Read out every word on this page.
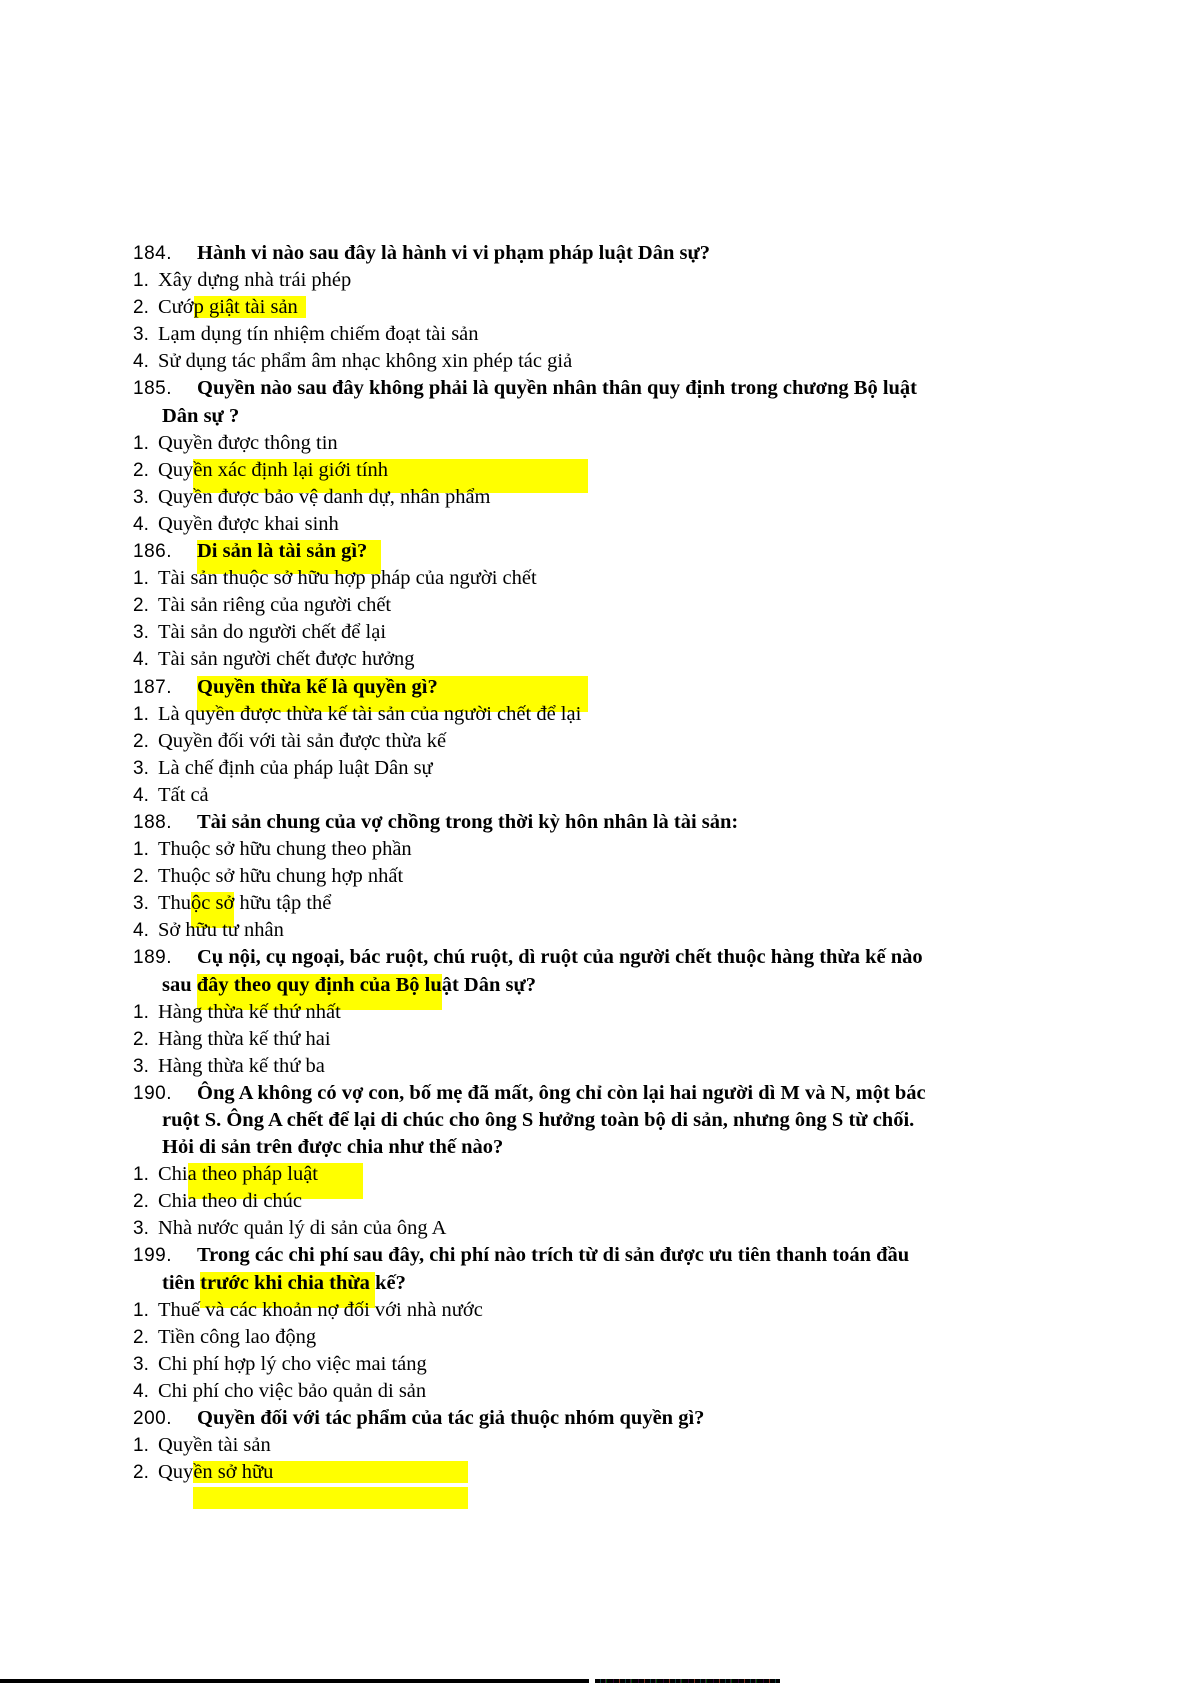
184. Hành vi nào sau đây là hành vi vi phạm pháp luật Dân sự?
1. Xây dựng nhà trái phép
2. Cướp giật tài sản
3. Lạm dụng tín nhiệm chiếm đoạt tài sản
4. Sử dụng tác phẩm âm nhạc không xin phép tác giả
185. Quyền nào sau đây không phải là quyền nhân thân quy định trong chương Bộ luật
Dân sự ?
1. Quyền được thông tin
2. Quyền xác định lại giới tính
3. Quyền được bảo vệ danh dự, nhân phẩm
4. Quyền được khai sinh
186. Di sản là tài sản gì?
1. Tài sản thuộc sở hữu hợp pháp của người chết
2. Tài sản riêng của người chết
3. Tài sản do người chết để lại
4. Tài sản người chết được hưởng
187. Quyền thừa kế là quyền gì?
1. Là quyền được thừa kế tài sản của người chết để lại
2. Quyền đối với tài sản được thừa kế
3. Là chế định của pháp luật Dân sự
4. Tất cả
188. Tài sản chung của vợ chồng trong thời kỳ hôn nhân là tài sản:
1. Thuộc sở hữu chung theo phần
2. Thuộc sở hữu chung hợp nhất
3. Thuộc sở hữu tập thể
4. Sở hữu tư nhân
189. Cụ nội, cụ ngoại, bác ruột, chú ruột, dì ruột của người chết thuộc hàng thừa kế nào
sau đây theo quy định của Bộ luật Dân sự?
1. Hàng thừa kế thứ nhất
2. Hàng thừa kế thứ hai
3. Hàng thừa kế thứ ba
190. Ông A không có vợ con, bố mẹ đã mất, ông chỉ còn lại hai người dì M và N, một bác
ruột S. Ông A chết để lại di chúc cho ông S hưởng toàn bộ di sản, nhưng ông S từ chối.
Hỏi di sản trên được chia như thế nào?
1. Chia theo pháp luật
2. Chia theo di chúc
3. Nhà nước quản lý di sản của ông A
199. Trong các chi phí sau đây, chi phí nào trích từ di sản được ưu tiên thanh toán đầu
tiên trước khi chia thừa kế?
1. Thuế và các khoản nợ đối với nhà nước
2. Tiền công lao động
3. Chi phí hợp lý cho việc mai táng
4. Chi phí cho việc bảo quản di sản
200. Quyền đối với tác phẩm của tác giả thuộc nhóm quyền gì?
1. Quyền tài sản
2. Quyền sở hữu
